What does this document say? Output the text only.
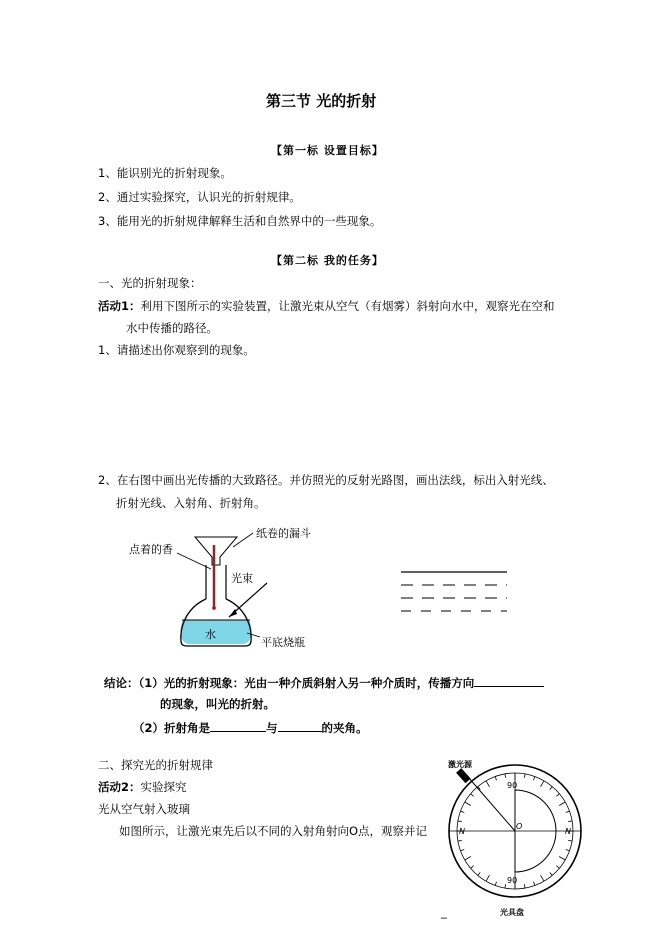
第三节 光的折射
【第一标 设置目标】
1、能识别光的折射现象。
2、通过实验探究，认识光的折射规律。
3、能用光的折射规律解释生活和自然界中的一些现象。
【第二标 我的任务】
一、光的折射现象：
活动1：利用下图所示的实验装置，让激光束从空气（有烟雾）斜射向水中，观察光在空和
水中传播的路径。
1、请描述出你观察到的现象。
2、在右图中画出光传播的大致路径。并仿照光的反射光路图，画出法线，标出入射光线、
折射光线、入射角、折射角。
点着的香
纸卷的漏斗
光束
水
平底烧瓶
结论：（1）光的折射现象：光由一种介质斜射入另一种介质时，传播方向
的现象，叫光的折射。
（2）折射角是	与	的夹角。
二、探究光的折射规律
活动2：实验探究
光从空气射入玻璃
如图所示，让激光束先后以不同的入射角射向O点，观察并记
激光源
90
90
N	N
O
光具盘
_
